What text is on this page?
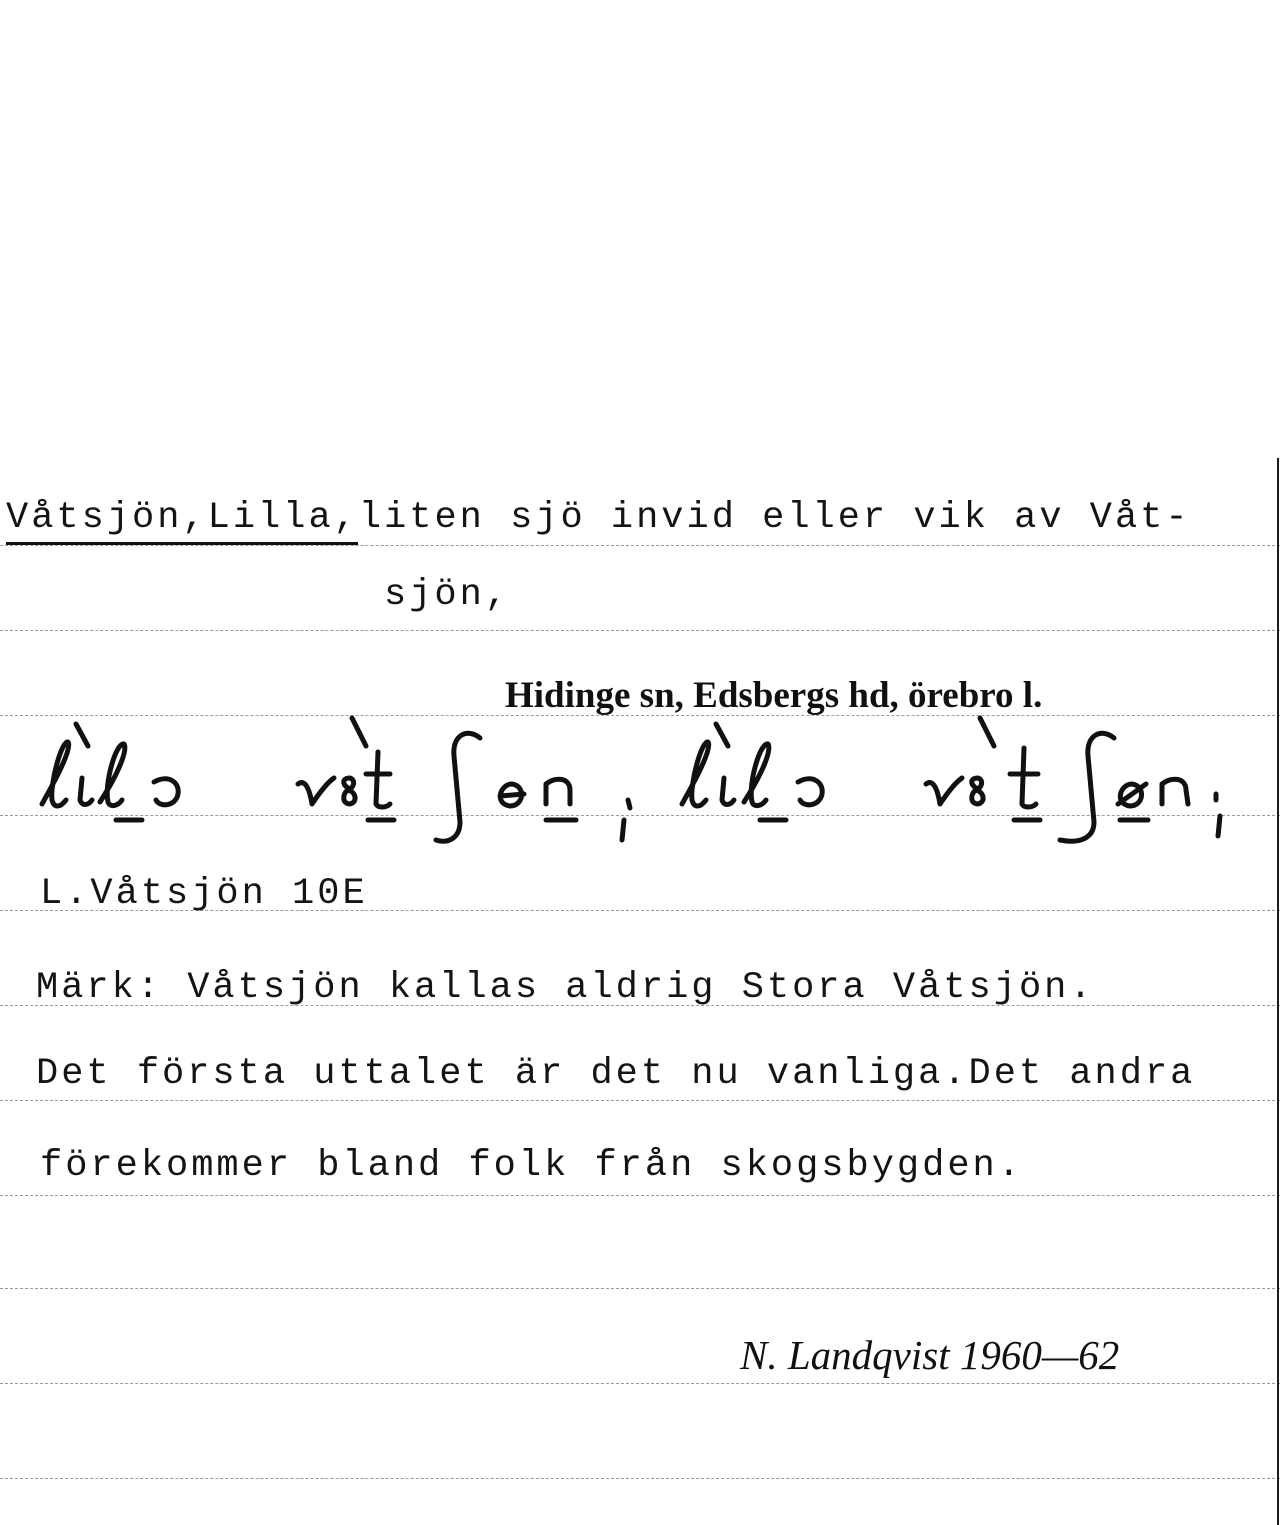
Våtsjön,Lilla,liten sjö invid eller vik av Våt-
sjön,
Hidinge sn, Edsbergs hd, örebro l.
L.Våtsjön 10E
Märk: Våtsjön kallas aldrig Stora Våtsjön.
Det första uttalet är det nu vanliga.Det andra
förekommer bland folk från skogsbygden.
N. Landqvist 1960—62
